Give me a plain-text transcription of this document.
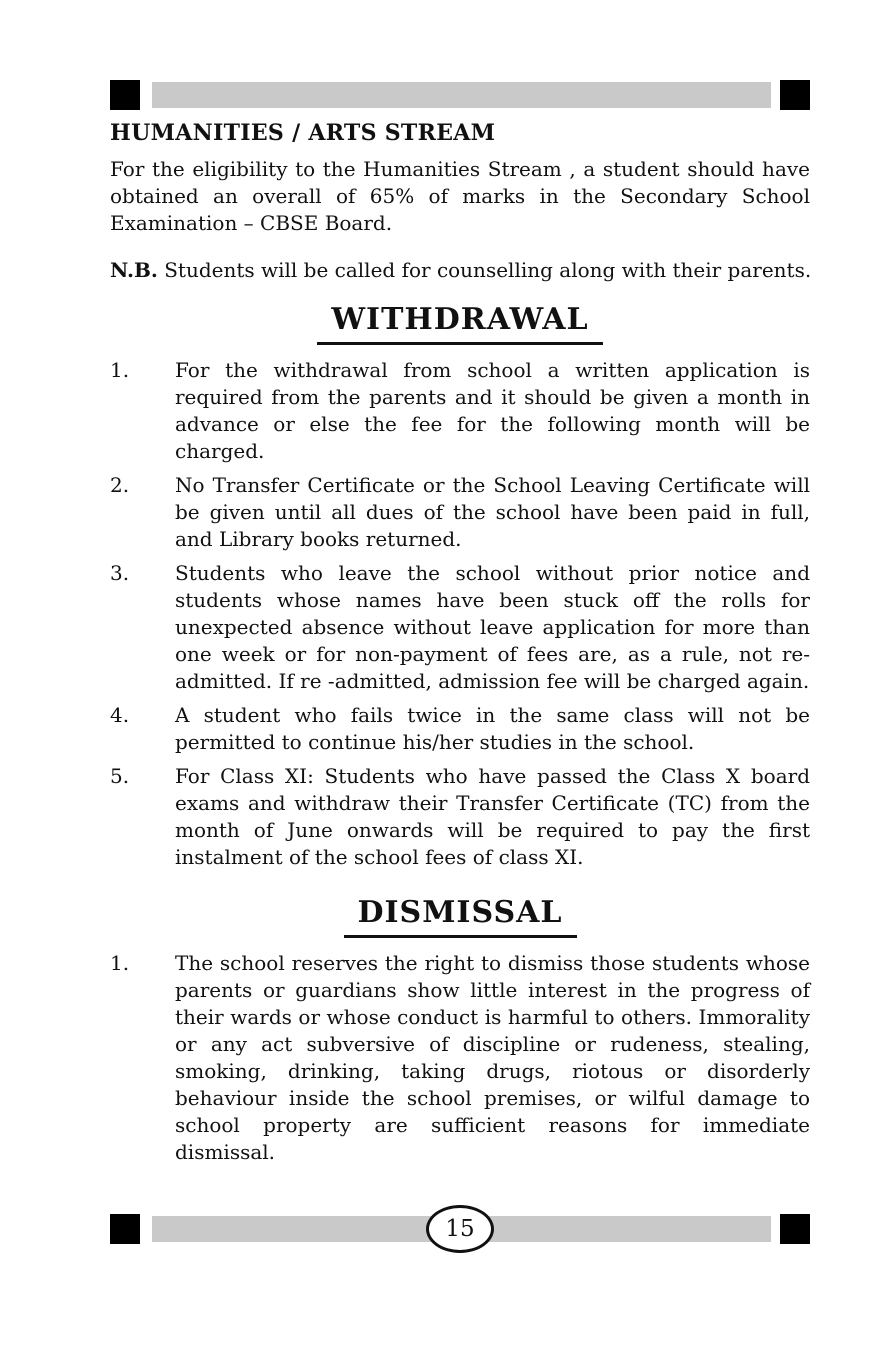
HUMANITIES / ARTS STREAM

For the eligibility to the Humanities Stream , a student should have obtained an overall of 65% of marks in the Secondary School Examination – CBSE Board.

N.B. Students will be called for counselling along with their parents.

WITHDRAWAL
1.	For the withdrawal from school a written application is required from the parents and it should be given a month in advance or else the fee for the following month will be charged.
2.	No Transfer Certificate or the School Leaving Certificate will be given until all dues of the school have been paid in full, and Library books returned.
3.	Students who leave the school without prior notice and students whose names have been stuck off the rolls for unexpected absence without leave application for more than one week or for non-payment of fees are, as a rule, not re-admitted. If re -admitted, admission fee will be charged again.
4.	A student who fails twice in the same class will not be permitted to continue his/her studies in the school.
5.	For Class XI: Students who have passed the Class X board exams and withdraw their Transfer Certificate (TC) from the month of June onwards will be required to pay the first instalment of the school fees of class XI.
DISMISSAL
1.	The school reserves the right to dismiss those students whose parents or guardians show little interest in the progress of their wards or whose conduct is harmful to others. Immorality or any act subversive of discipline or rudeness, stealing, smoking, drinking, taking drugs, riotous or disorderly behaviour inside the school premises, or wilful damage to school property are sufficient reasons for immediate dismissal.
15
